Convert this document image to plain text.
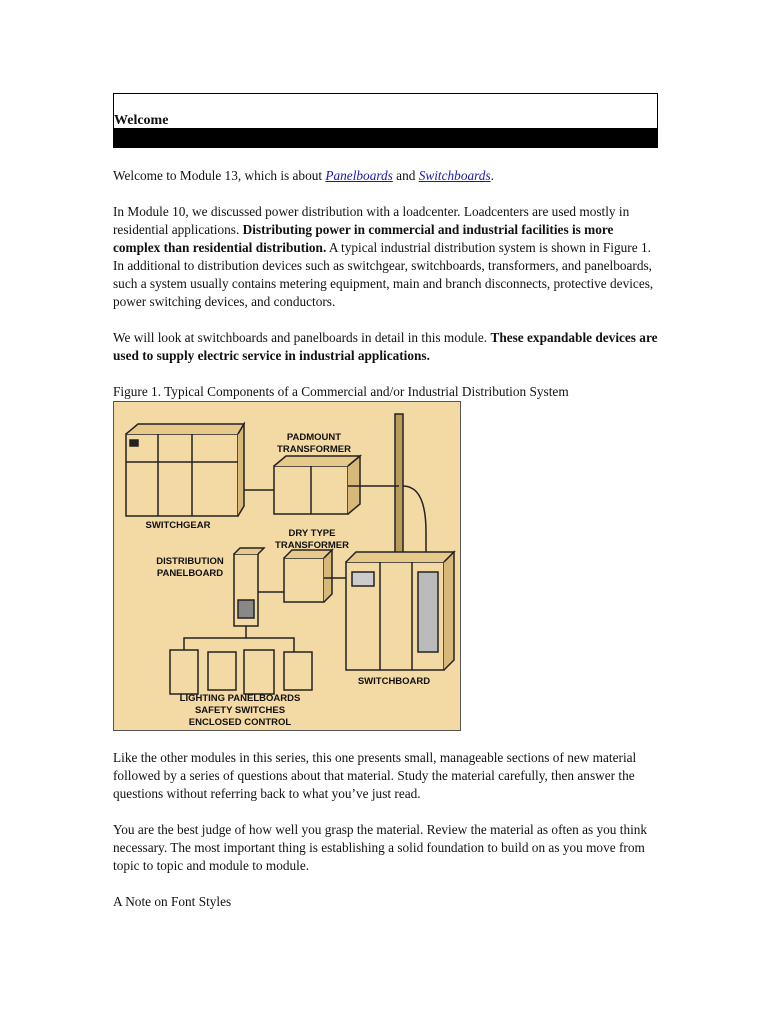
Welcome

Welcome to Module 13, which is about Panelboards and Switchboards.

In Module 10, we discussed power distribution with a loadcenter. Loadcenters are used mostly in residential applications. Distributing power in commercial and industrial facilities is more complex than residential distribution. A typical industrial distribution system is shown in Figure 1. In additional to distribution devices such as switchgear, switchboards, transformers, and panelboards, such a system usually contains metering equipment, main and branch disconnects, protective devices, power switching devices, and conductors.

We will look at switchboards and panelboards in detail in this module. These expandable devices are used to supply electric service in industrial applications.

Figure 1. Typical Components of a Commercial and/or Industrial Distribution System

PADMOUNT
TRANSFORMER
SWITCHGEAR
DRY TYPE
TRANSFORMER
DISTRIBUTION
PANELBOARD
SWITCHBOARD
LIGHTING PANELBOARDS
SAFETY SWITCHES
ENCLOSED CONTROL

Like the other modules in this series, this one presents small, manageable sections of new material followed by a series of questions about that material. Study the material carefully, then answer the questions without referring back to what you’ve just read.

You are the best judge of how well you grasp the material. Review the material as often as you think necessary. The most important thing is establishing a solid foundation to build on as you move from topic to topic and module to module.

A Note on Font Styles
